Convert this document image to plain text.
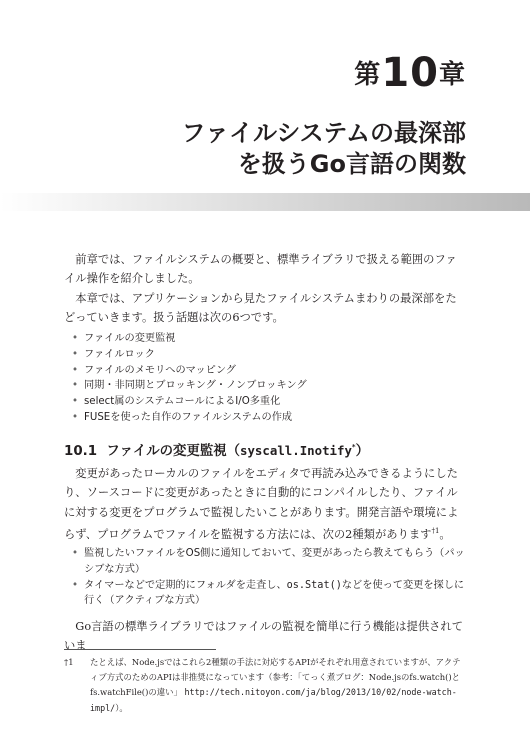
第10章
ファイルシステムの最深部
を扱うGo言語の関数

前章では、ファイルシステムの概要と、標準ライブラリで扱える範囲のファイル操作を紹介しました。

本章では、アプリケーションから見たファイルシステムまわりの最深部をたどっていきます。扱う話題は次の6つです。

• ファイルの変更監視
• ファイルロック
• ファイルのメモリへのマッピング
• 同期・非同期とブロッキング・ノンブロッキング
• select属のシステムコールによるI/O多重化
• FUSEを使った自作のファイルシステムの作成
10.1 ファイルの変更監視（syscall.Inotify*）

変更があったローカルのファイルをエディタで再読み込みできるようにしたり、ソースコードに変更があったときに自動的にコンパイルしたり、ファイルに対する変更をプログラムで監視したいことがあります。開発言語や環境によらず、プログラムでファイルを監視する方法には、次の2種類があります$^{\dagger 1}$。

• 監視したいファイルをOS側に通知しておいて、変更があったら教えてもらう（パッシブな方式）
• タイマーなどで定期的にフォルダを走査し、os.Stat()などを使って変更を探しに行く（アクティブな方式）

Go言語の標準ライブラリではファイルの監視を簡単に行う機能は提供されていま

†1	たとえば、Node.jsではこれら2種類の手法に対応するAPIがそれぞれ用意されていますが、アクティブ方式のためのAPIは非推奨になっています（参考：「てっく煮ブログ：Node.jsのfs.watch()とfs.watchFile()の違い」 http://tech.nitoyon.com/ja/blog/2013/10/02/node-watch-impl/）。
